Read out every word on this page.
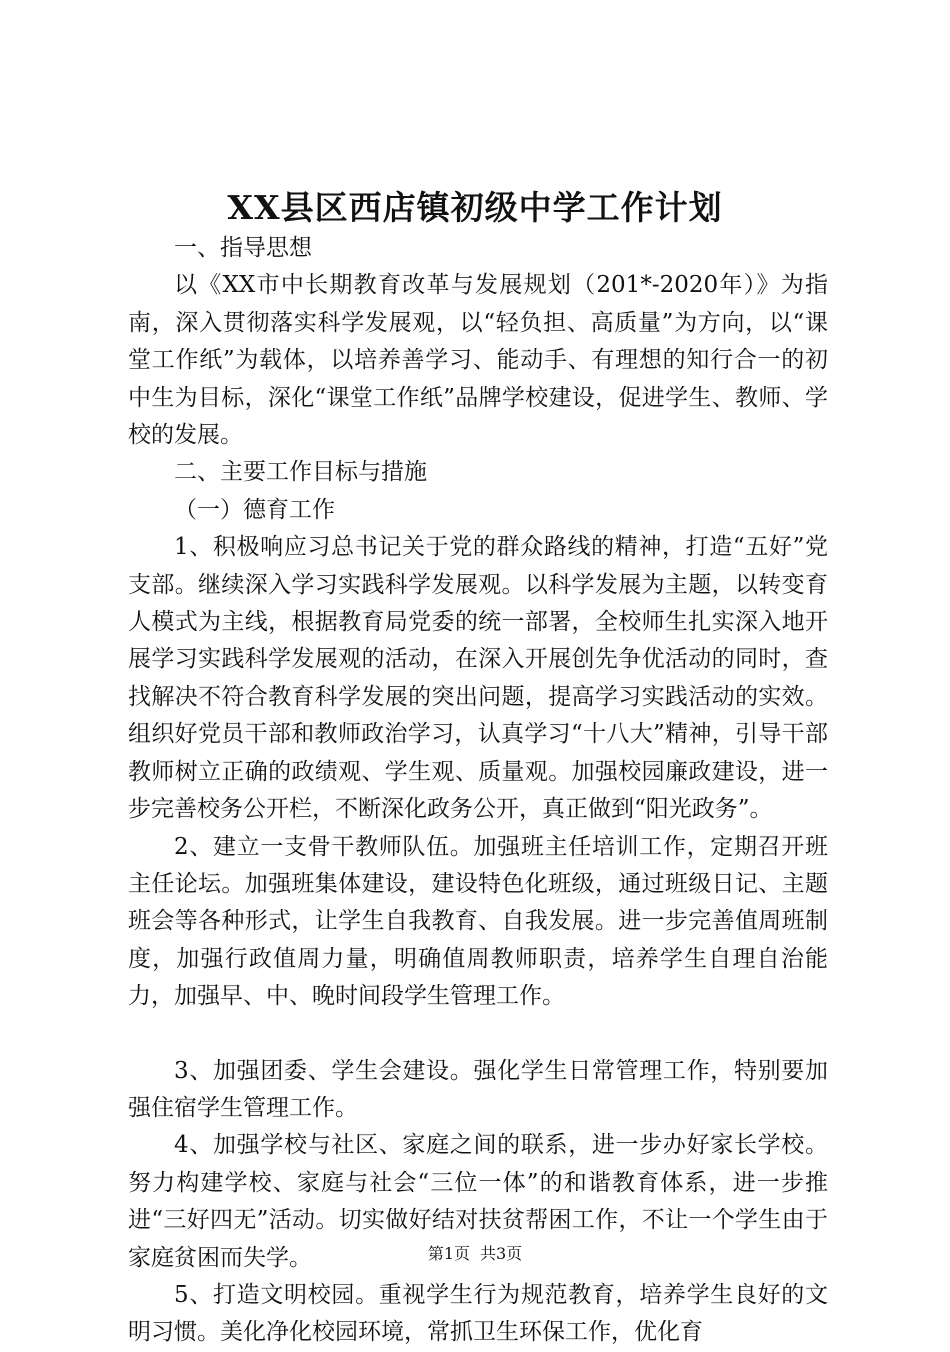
XX县区西店镇初级中学工作计划

一、指导思想

以《XX市中长期教育改革与发展规划（201*-2020年）》为指南，深入贯彻落实科学发展观，以“轻负担、高质量”为方向，以“课堂工作纸”为载体，以培养善学习、能动手、有理想的知行合一的初中生为目标，深化“课堂工作纸”品牌学校建设，促进学生、教师、学校的发展。

二、主要工作目标与措施

（一）德育工作

1、积极响应习总书记关于党的群众路线的精神，打造“五好”党支部。继续深入学习实践科学发展观。以科学发展为主题，以转变育人模式为主线，根据教育局党委的统一部署，全校师生扎实深入地开展学习实践科学发展观的活动，在深入开展创先争优活动的同时，查找解决不符合教育科学发展的突出问题，提高学习实践活动的实效。组织好党员干部和教师政治学习，认真学习“十八大”精神，引导干部教师树立正确的政绩观、学生观、质量观。加强校园廉政建设，进一步完善校务公开栏，不断深化政务公开，真正做到“阳光政务”。

2、建立一支骨干教师队伍。加强班主任培训工作，定期召开班主任论坛。加强班集体建设，建设特色化班级，通过班级日记、主题班会等各种形式，让学生自我教育、自我发展。进一步完善值周班制度，加强行政值周力量，明确值周教师职责，培养学生自理自治能力，加强早、中、晚时间段学生管理工作。

3、加强团委、学生会建设。强化学生日常管理工作，特别要加强住宿学生管理工作。

4、加强学校与社区、家庭之间的联系，进一步办好家长学校。努力构建学校、家庭与社会“三位一体”的和谐教育体系，进一步推进“三好四无”活动。切实做好结对扶贫帮困工作，不让一个学生由于家庭贫困而失学。

5、打造文明校园。重视学生行为规范教育，培养学生良好的文明习惯。美化净化校园环境，常抓卫生环保工作，优化育

第1页 共3页
